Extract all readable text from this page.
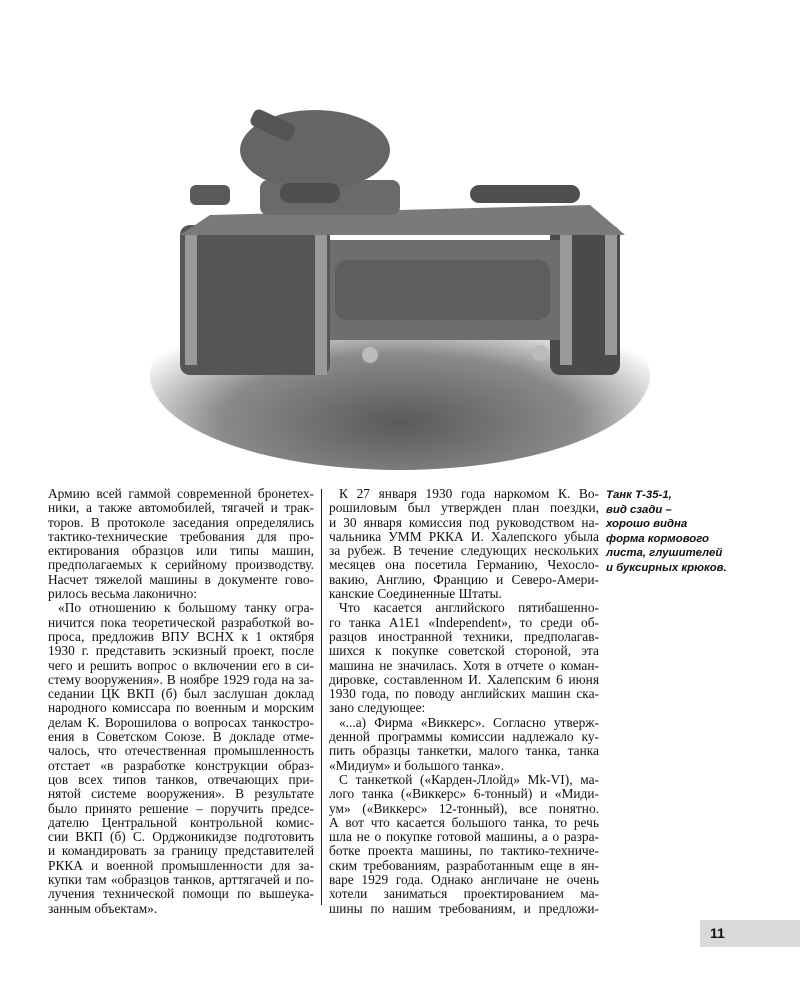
Армию всей гаммой современной бронетех-
ники, а также автомобилей, тягачей и трак-
торов. В протоколе заседания определялись
тактико-технические требования для про-
ектирования образцов или типы машин,
предполагаемых к серийному производству.
Насчет тяжелой машины в документе гово-
рилось весьма лаконично:
«По отношению к большому танку огра-
ничится пока теоретической разработкой во-
проса, предложив ВПУ ВСНХ к 1 октября
1930 г. представить эскизный проект, после
чего и решить вопрос о включении его в си-
стему вооружения». В ноябре 1929 года на за-
седании ЦК ВКП (б) был заслушан доклад
народного комиссара по военным и морским
делам К. Ворошилова о вопросах танкостро-
ения в Советском Союзе. В докладе отме-
чалось, что отечественная промышленность
отстает «в разработке конструкции образ-
цов всех типов танков, отвечающих при-
нятой системе вооружения». В результате
было принято решение – поручить предсе-
дателю Центральной контрольной комис-
сии ВКП (б) С. Орджоникидзе подготовить
и командировать за границу представителей
РККА и военной промышленности для за-
купки там «образцов танков, арттягачей и по-
лучения технической помощи по вышеука-
занным объектам».
К 27 января 1930 года наркомом К. Во-
рошиловым был утвержден план поездки,
и 30 января комиссия под руководством на-
чальника УММ РККА И. Халепского убыла
за рубеж. В течение следующих нескольких
месяцев она посетила Германию, Чехосло-
вакию, Англию, Францию и Северо-Амери-
канские Соединенные Штаты.
Что касается английского пятибашенно-
го танка A1E1 «Independent», то среди об-
разцов иностранной техники, предполагав-
шихся к покупке советской стороной, эта
машина не значилась. Хотя в отчете о коман-
дировке, составленном И. Халепским 6 июня
1930 года, по поводу английских машин ска-
зано следующее:
«...а) Фирма «Виккерс». Согласно утверж-
денной программы комиссии надлежало ку-
пить образцы танкетки, малого танка, танка
«Мидиум» и большого танка».
С танкеткой («Карден-Ллойд» Mk-VI), ма-
лого танка («Виккерс» 6-тонный) и «Миди-
ум» («Виккерс» 12-тонный), все понятно.
А вот что касается большого танка, то речь
шла не о покупке готовой машины, а о разра-
ботке проекта машины, по тактико-техниче-
ским требованиям, разработанным еще в ян-
варе 1929 года. Однако англичане не очень
хотели заниматься проектированием ма-
шины по нашим требованиям, и предложи-
Танк Т-35-1,
вид сзади –
хорошо видна
форма кормового
листа, глушителей
и буксирных крюков.
11
